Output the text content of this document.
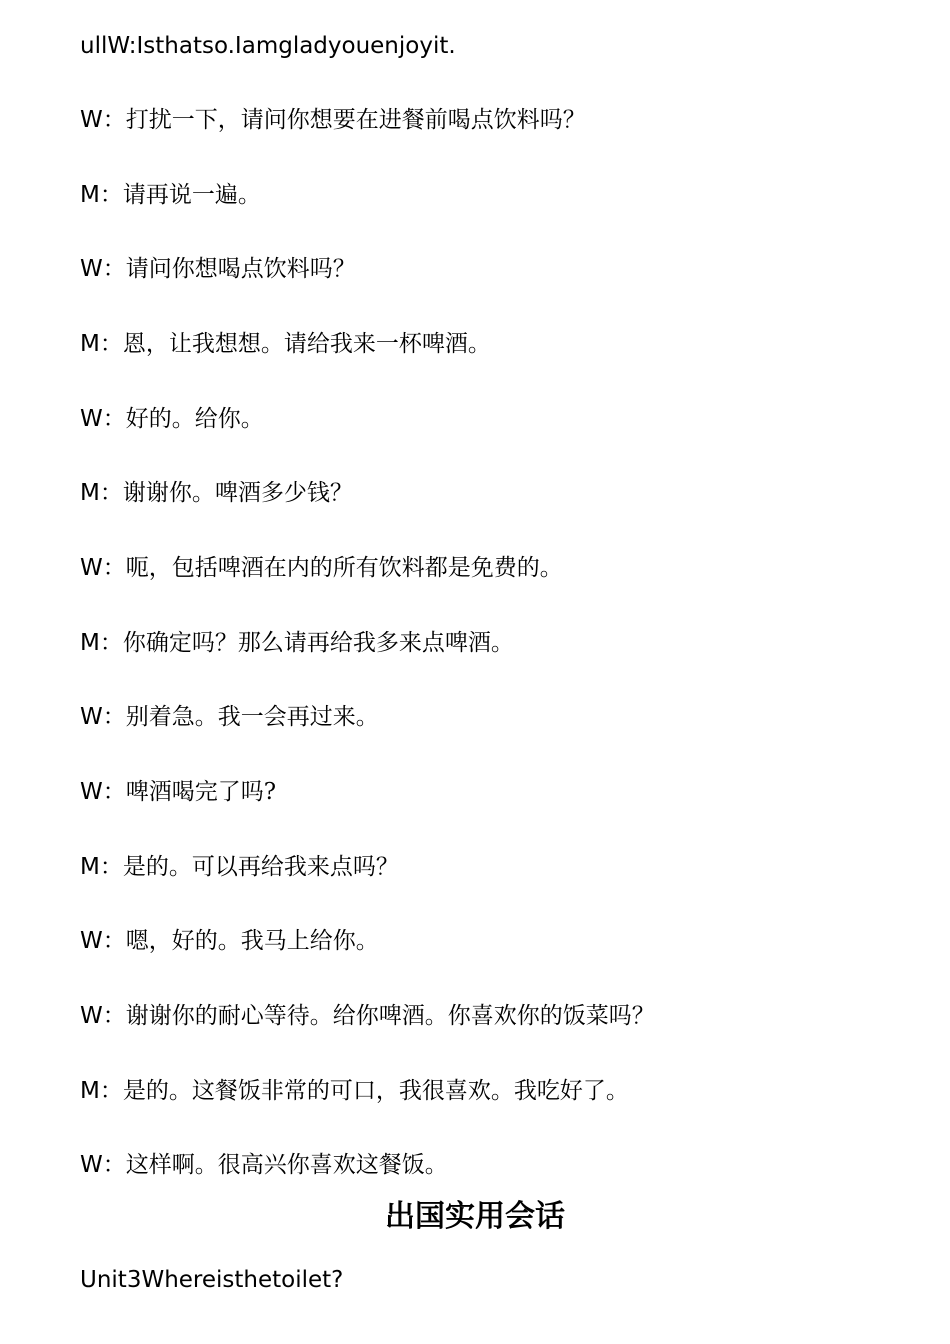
ullW:Isthatso.Iamgladyouenjoyit.
W：打扰一下，请问你想要在进餐前喝点饮料吗？
M：请再说一遍。
W：请问你想喝点饮料吗？
M：恩，让我想想。请给我来一杯啤酒。
W：好的。给你。
M：谢谢你。啤酒多少钱？
W：呃，包括啤酒在内的所有饮料都是免费的。
M：你确定吗？那么请再给我多来点啤酒。
W：别着急。我一会再过来。
W：啤酒喝完了吗?
M：是的。可以再给我来点吗？
W：嗯，好的。我马上给你。
W：谢谢你的耐心等待。给你啤酒。你喜欢你的饭菜吗？
M：是的。这餐饭非常的可口，我很喜欢。我吃好了。
W：这样啊。很高兴你喜欢这餐饭。
出国实用会话
Unit3Whereisthetoilet?
